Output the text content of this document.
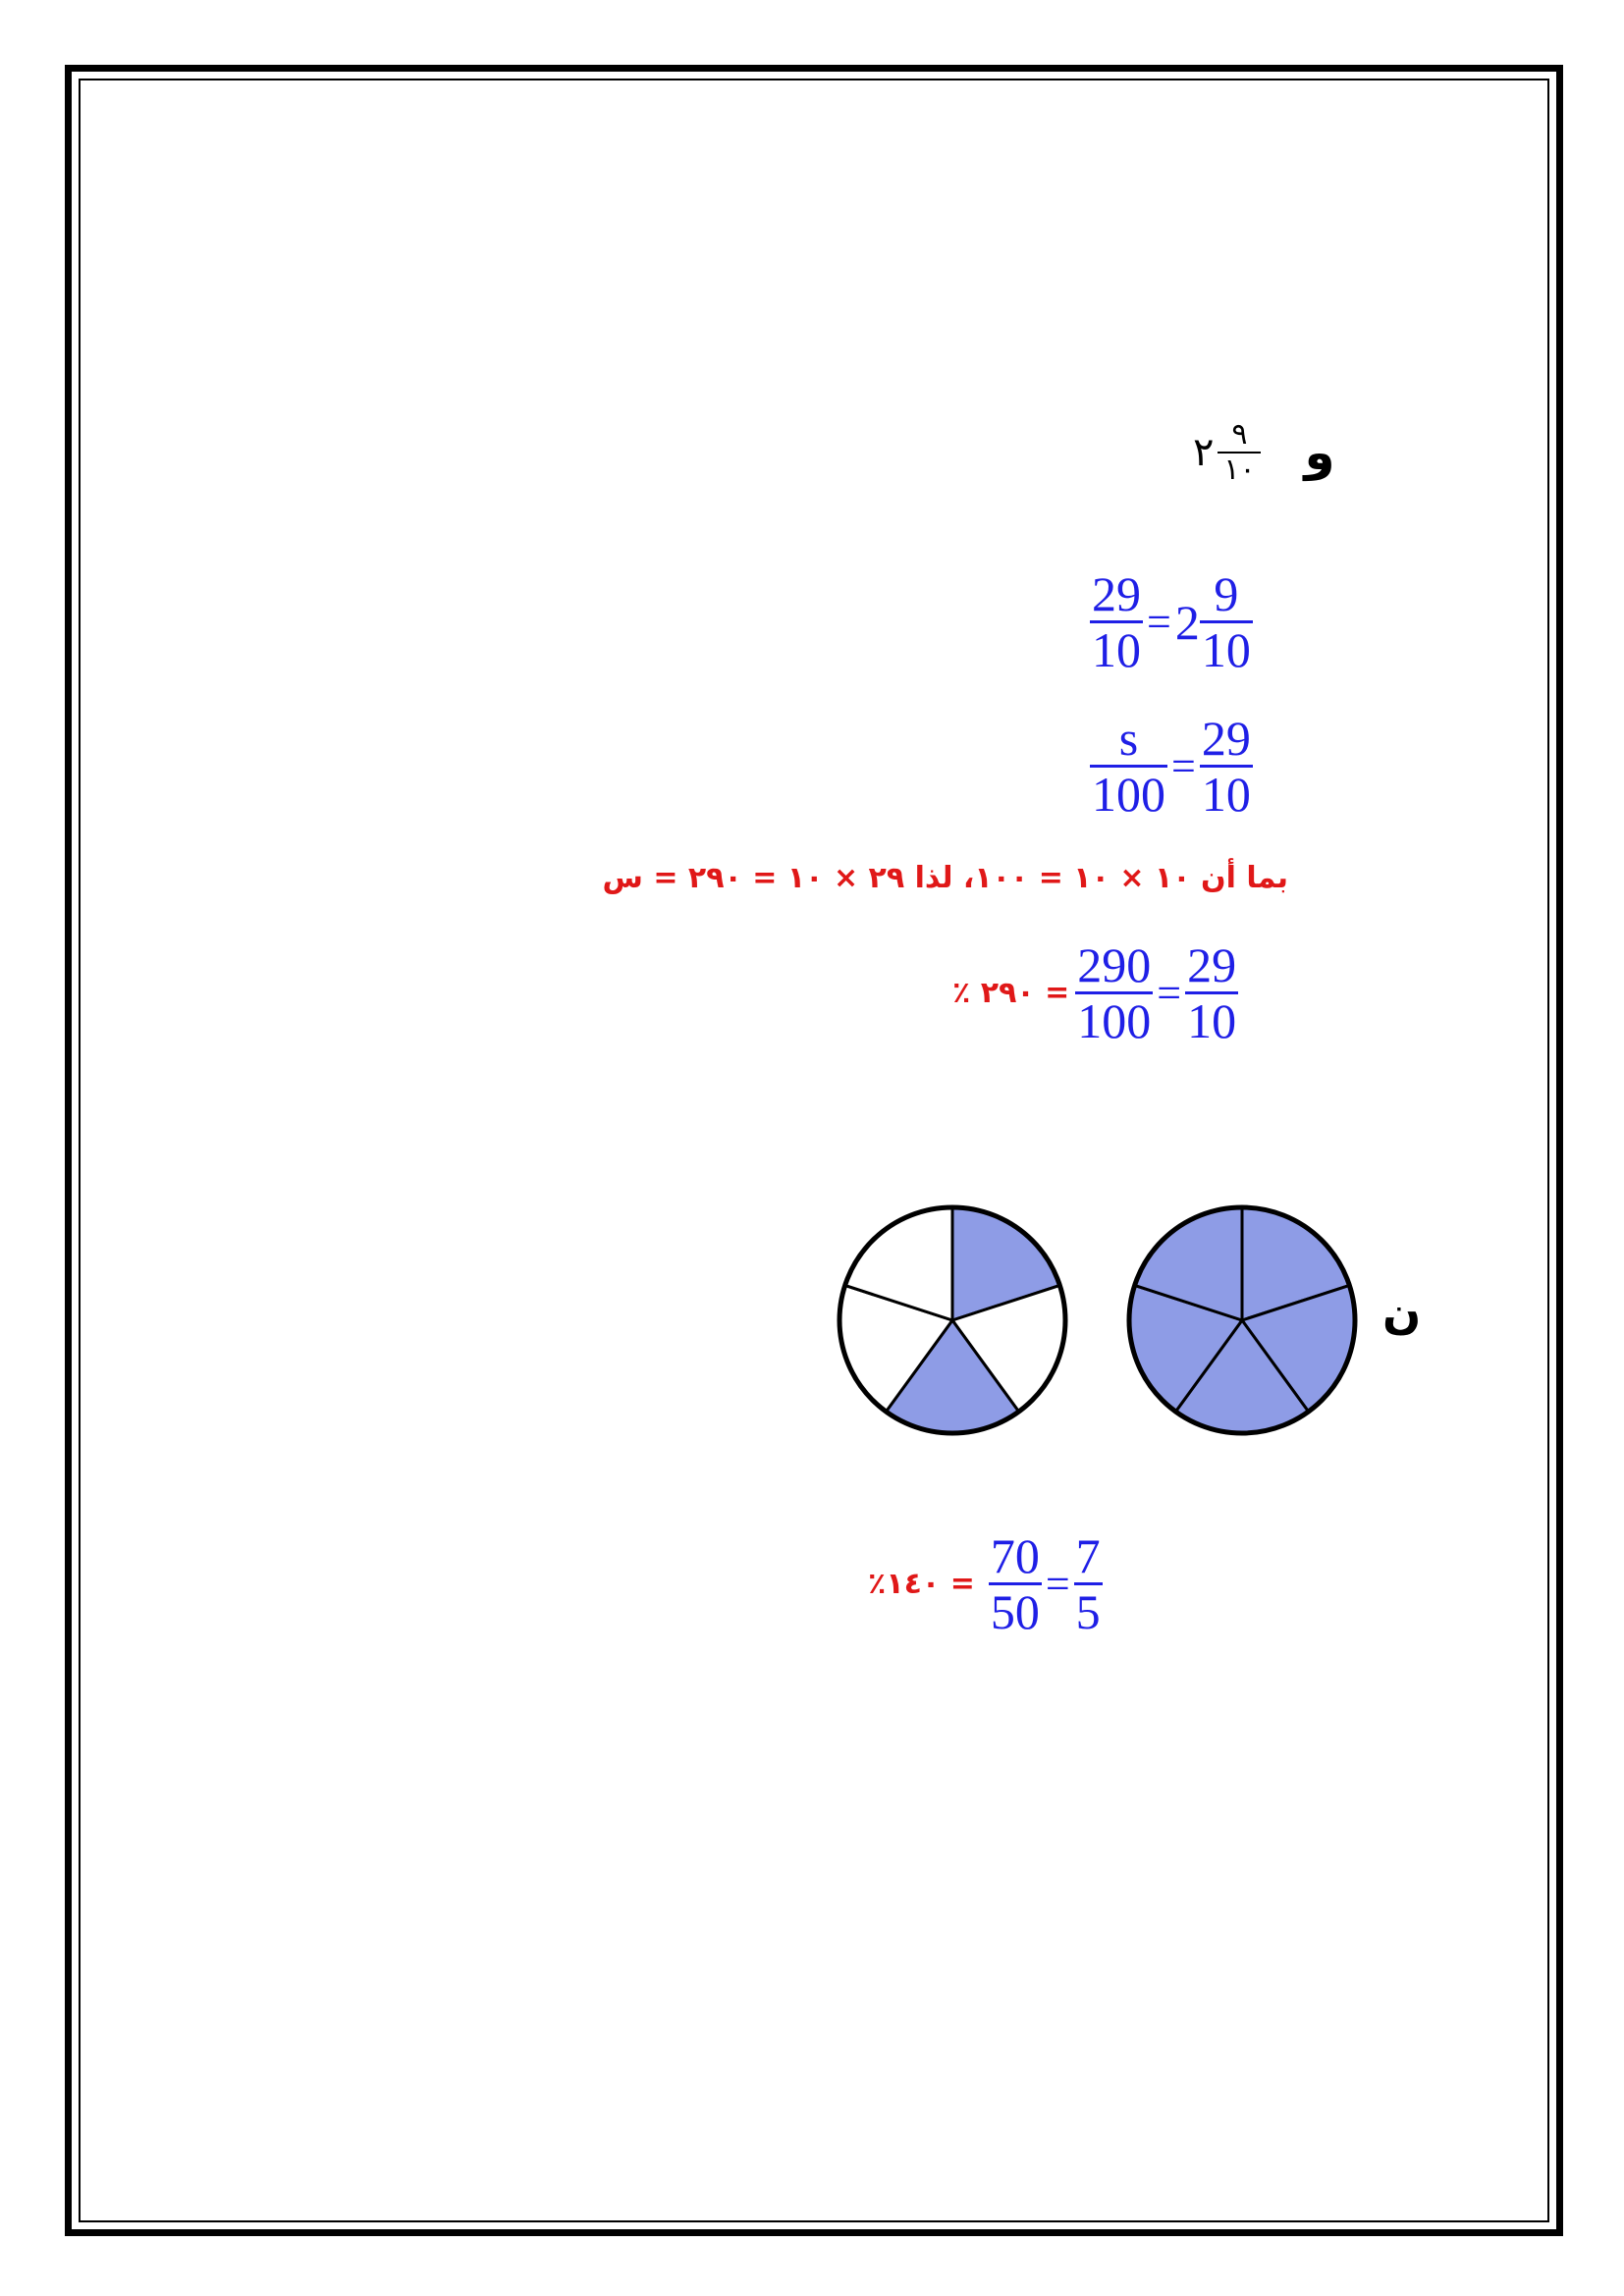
٢ $\frac{٩}{١٠}$ و
$\frac{29}{10} = 2 \frac{9}{10}$
$\frac{s}{100} = \frac{29}{10}$
بما أن ١٠ × ١٠ = ١٠٠، لذا ٢٩ × ١٠ = ٢٩٠ = س
٪ ٢٩٠ = $\frac{290}{100} = \frac{29}{10}$
ن
٪١٤٠ = $\frac{70}{50} = \frac{7}{5}$
